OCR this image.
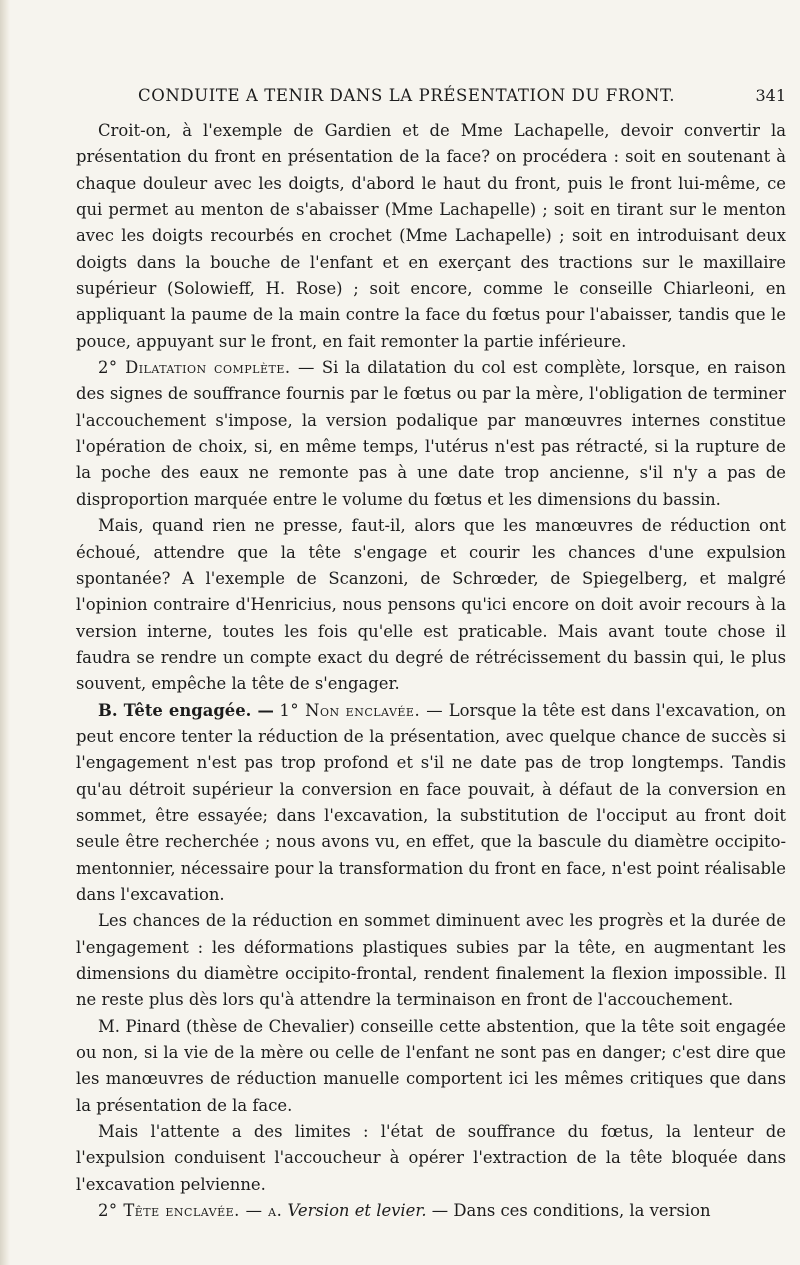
CONDUITE A TENIR DANS LA PRÉSENTATION DU FRONT.	341

Croit-on, à l'exemple de Gardien et de Mme Lachapelle, devoir convertir la présentation du front en présentation de la face? on procédera : soit en soutenant à chaque douleur avec les doigts, d'abord le haut du front, puis le front lui-même, ce qui permet au menton de s'abaisser (Mme Lachapelle) ; soit en tirant sur le menton avec les doigts recourbés en crochet (Mme Lachapelle) ; soit en introduisant deux doigts dans la bouche de l'enfant et en exerçant des tractions sur le maxillaire supérieur (Solowieff, H. Rose) ; soit encore, comme le conseille Chiarleoni, en appliquant la paume de la main contre la face du fœtus pour l'abaisser, tandis que le pouce, appuyant sur le front, en fait remonter la partie inférieure.

2° Dilatation complète. — Si la dilatation du col est complète, lorsque, en raison des signes de souffrance fournis par le fœtus ou par la mère, l'obligation de terminer l'accouchement s'impose, la version podalique par manœuvres internes constitue l'opération de choix, si, en même temps, l'utérus n'est pas rétracté, si la rupture de la poche des eaux ne remonte pas à une date trop ancienne, s'il n'y a pas de disproportion marquée entre le volume du fœtus et les dimensions du bassin.

Mais, quand rien ne presse, faut-il, alors que les manœuvres de réduction ont échoué, attendre que la tête s'engage et courir les chances d'une expulsion spontanée? A l'exemple de Scanzoni, de Schrœder, de Spiegelberg, et malgré l'opinion contraire d'Henricius, nous pensons qu'ici encore on doit avoir recours à la version interne, toutes les fois qu'elle est praticable. Mais avant toute chose il faudra se rendre un compte exact du degré de rétrécissement du bassin qui, le plus souvent, empêche la tête de s'engager.

B. Tête engagée. — 1° Non enclavée. — Lorsque la tête est dans l'excavation, on peut encore tenter la réduction de la présentation, avec quelque chance de succès si l'engagement n'est pas trop profond et s'il ne date pas de trop longtemps. Tandis qu'au détroit supérieur la conversion en face pouvait, à défaut de la conversion en sommet, être essayée; dans l'excavation, la substitution de l'occiput au front doit seule être recherchée ; nous avons vu, en effet, que la bascule du diamètre occipito-mentonnier, nécessaire pour la transformation du front en face, n'est point réalisable dans l'excavation.

Les chances de la réduction en sommet diminuent avec les progrès et la durée de l'engagement : les déformations plastiques subies par la tête, en augmentant les dimensions du diamètre occipito-frontal, rendent finalement la flexion impossible. Il ne reste plus dès lors qu'à attendre la terminaison en front de l'accouchement.

M. Pinard (thèse de Chevalier) conseille cette abstention, que la tête soit engagée ou non, si la vie de la mère ou celle de l'enfant ne sont pas en danger; c'est dire que les manœuvres de réduction manuelle comportent ici les mêmes critiques que dans la présentation de la face.

Mais l'attente a des limites : l'état de souffrance du fœtus, la lenteur de l'expulsion conduisent l'accoucheur à opérer l'extraction de la tête bloquée dans l'excavation pelvienne.

2° Tête enclavée. — a. Version et levier. — Dans ces conditions, la version
